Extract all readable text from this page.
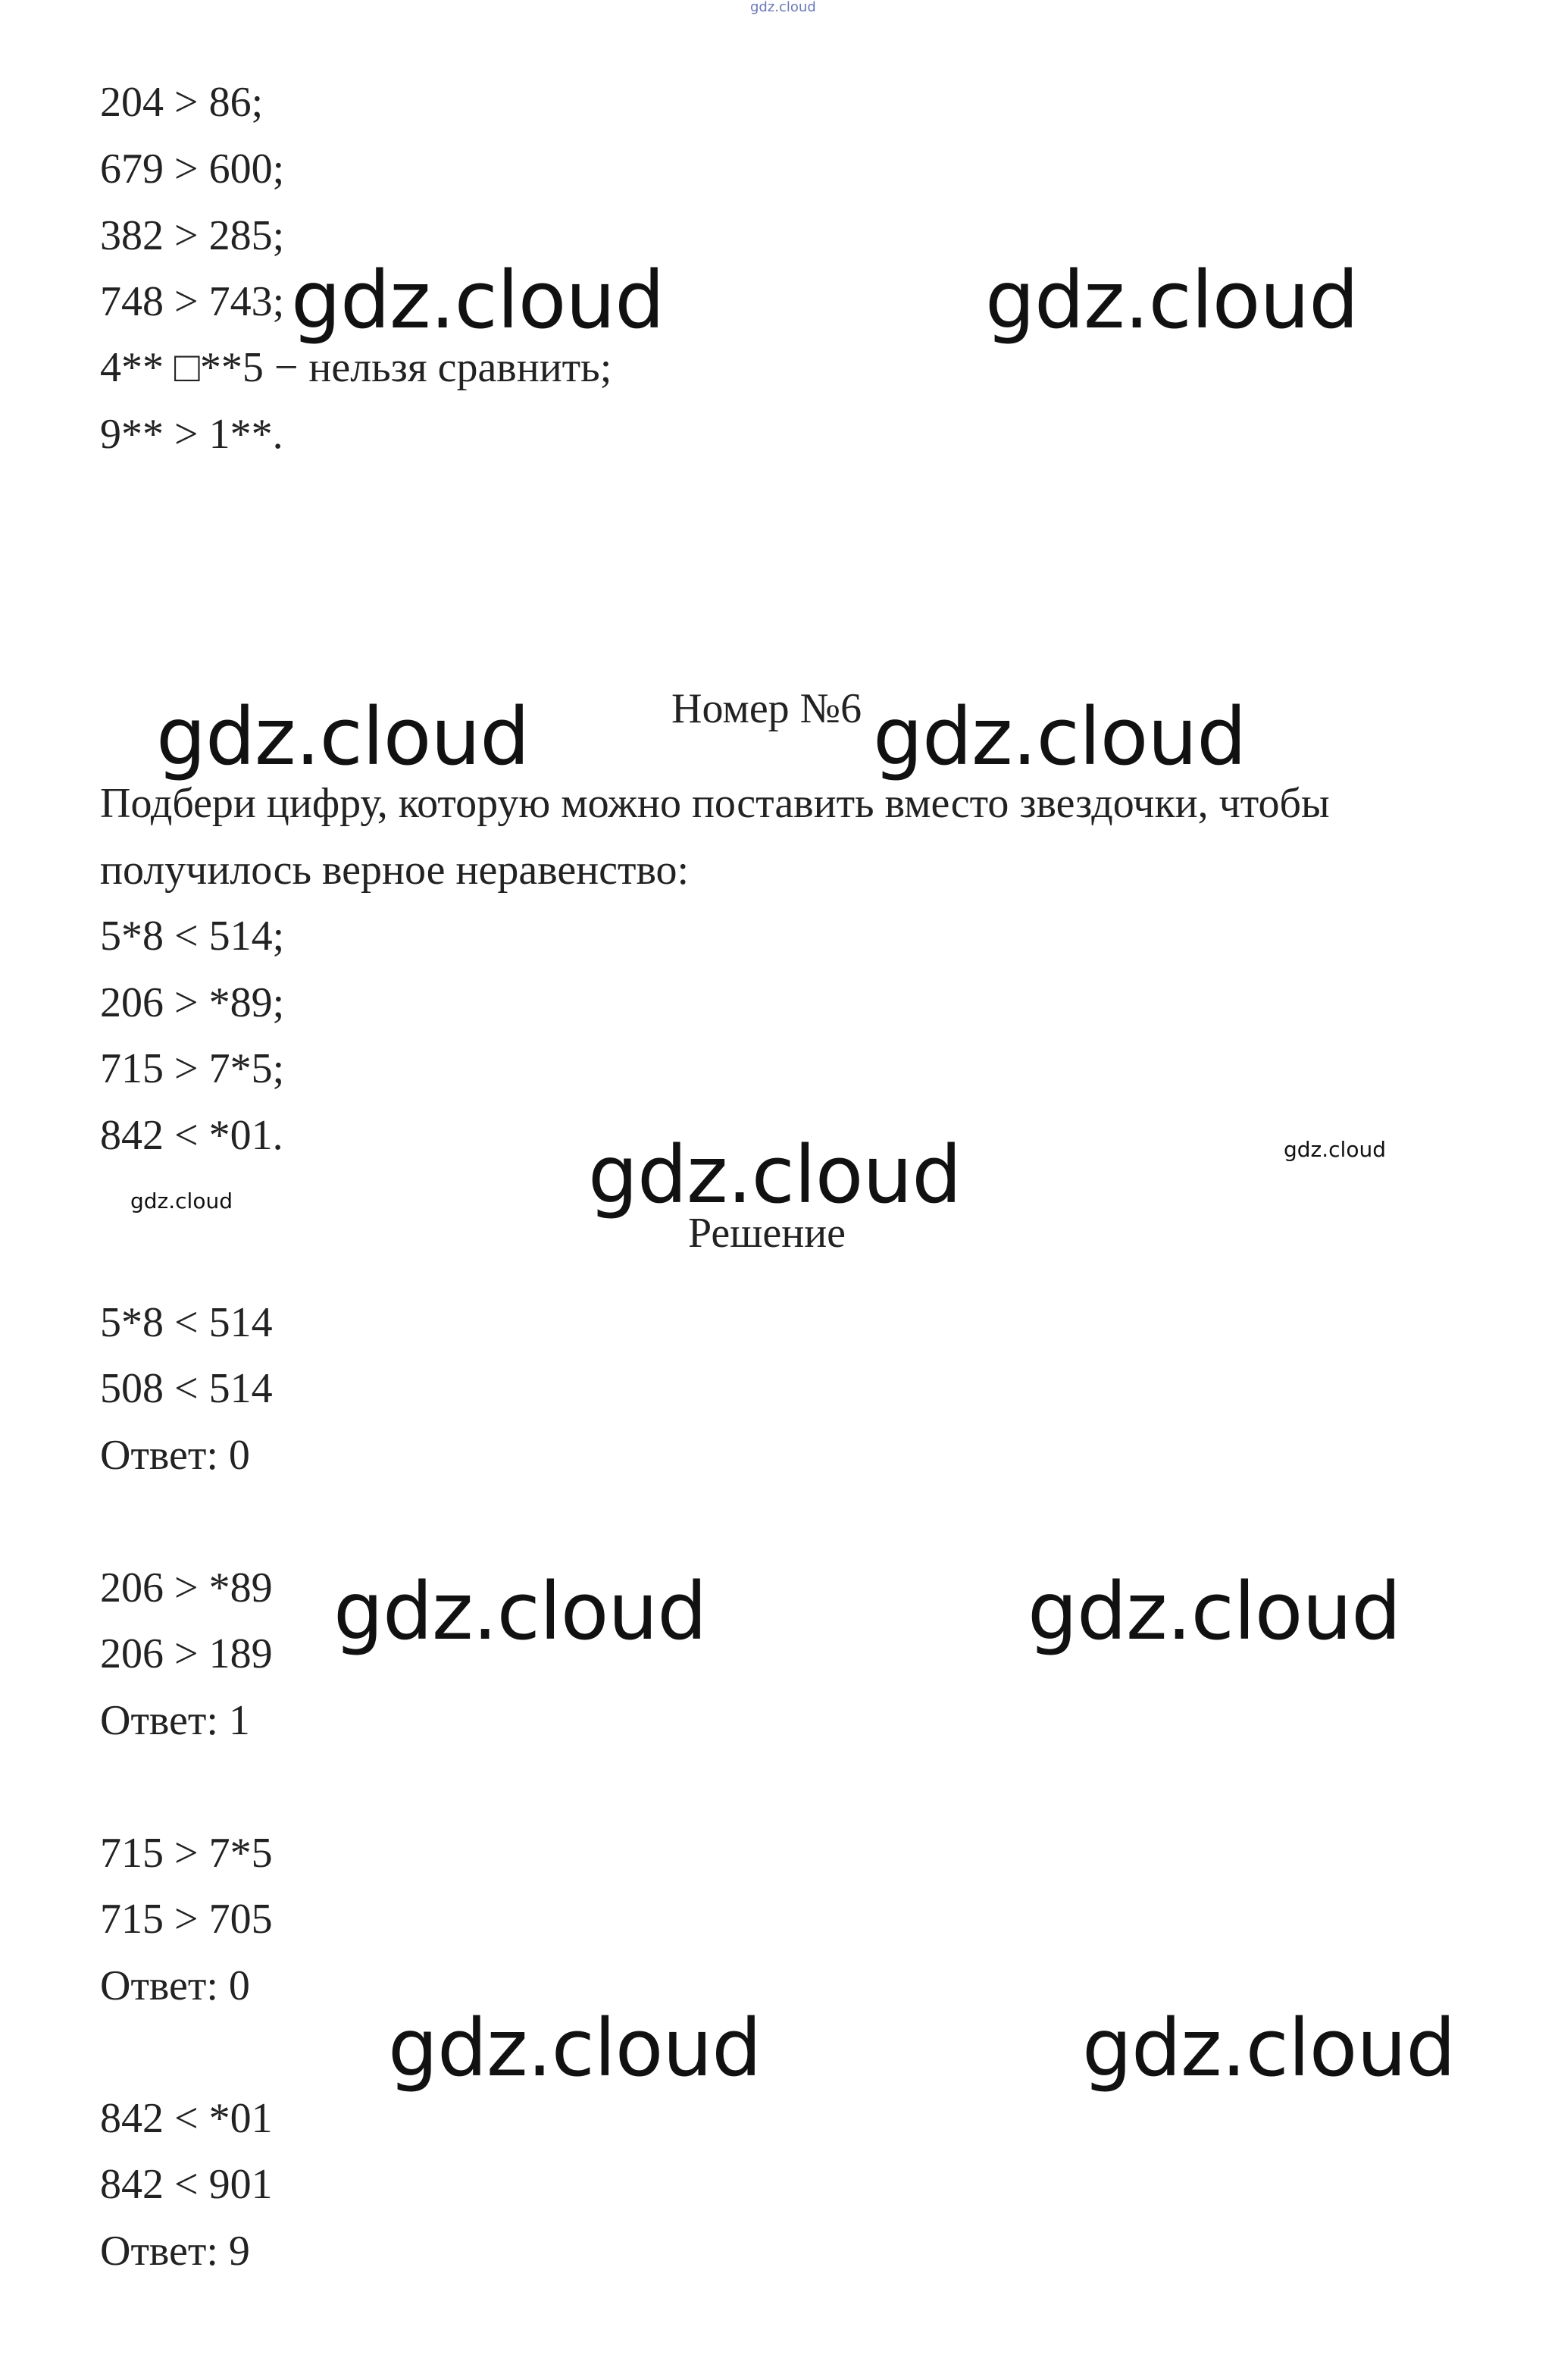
gdz.cloud

204 > 86;

679 > 600;

382 > 285;

748 > 743;

4** □**5 − нельзя сравнить;

9** > 1**.

Номер №6

Подбери цифру, которую можно поставить вместо звездочки, чтобы

получилось верное неравенство:

5*8 < 514;

206 > *89;

715 > 7*5;

842 < *01.

Решение

5*8 < 514

508 < 514

Ответ: 0

206 > *89

206 > 189

Ответ: 1

715 > 7*5

715 > 705

Ответ: 0

842 < *01

842 < 901

Ответ: 9

gdz.cloud	gdz.cloud
gdz.cloud	gdz.cloud
gdz.cloud
gdz.cloud	gdz.cloud
gdz.cloud	gdz.cloud
gdz.cloud
gdz.cloud
